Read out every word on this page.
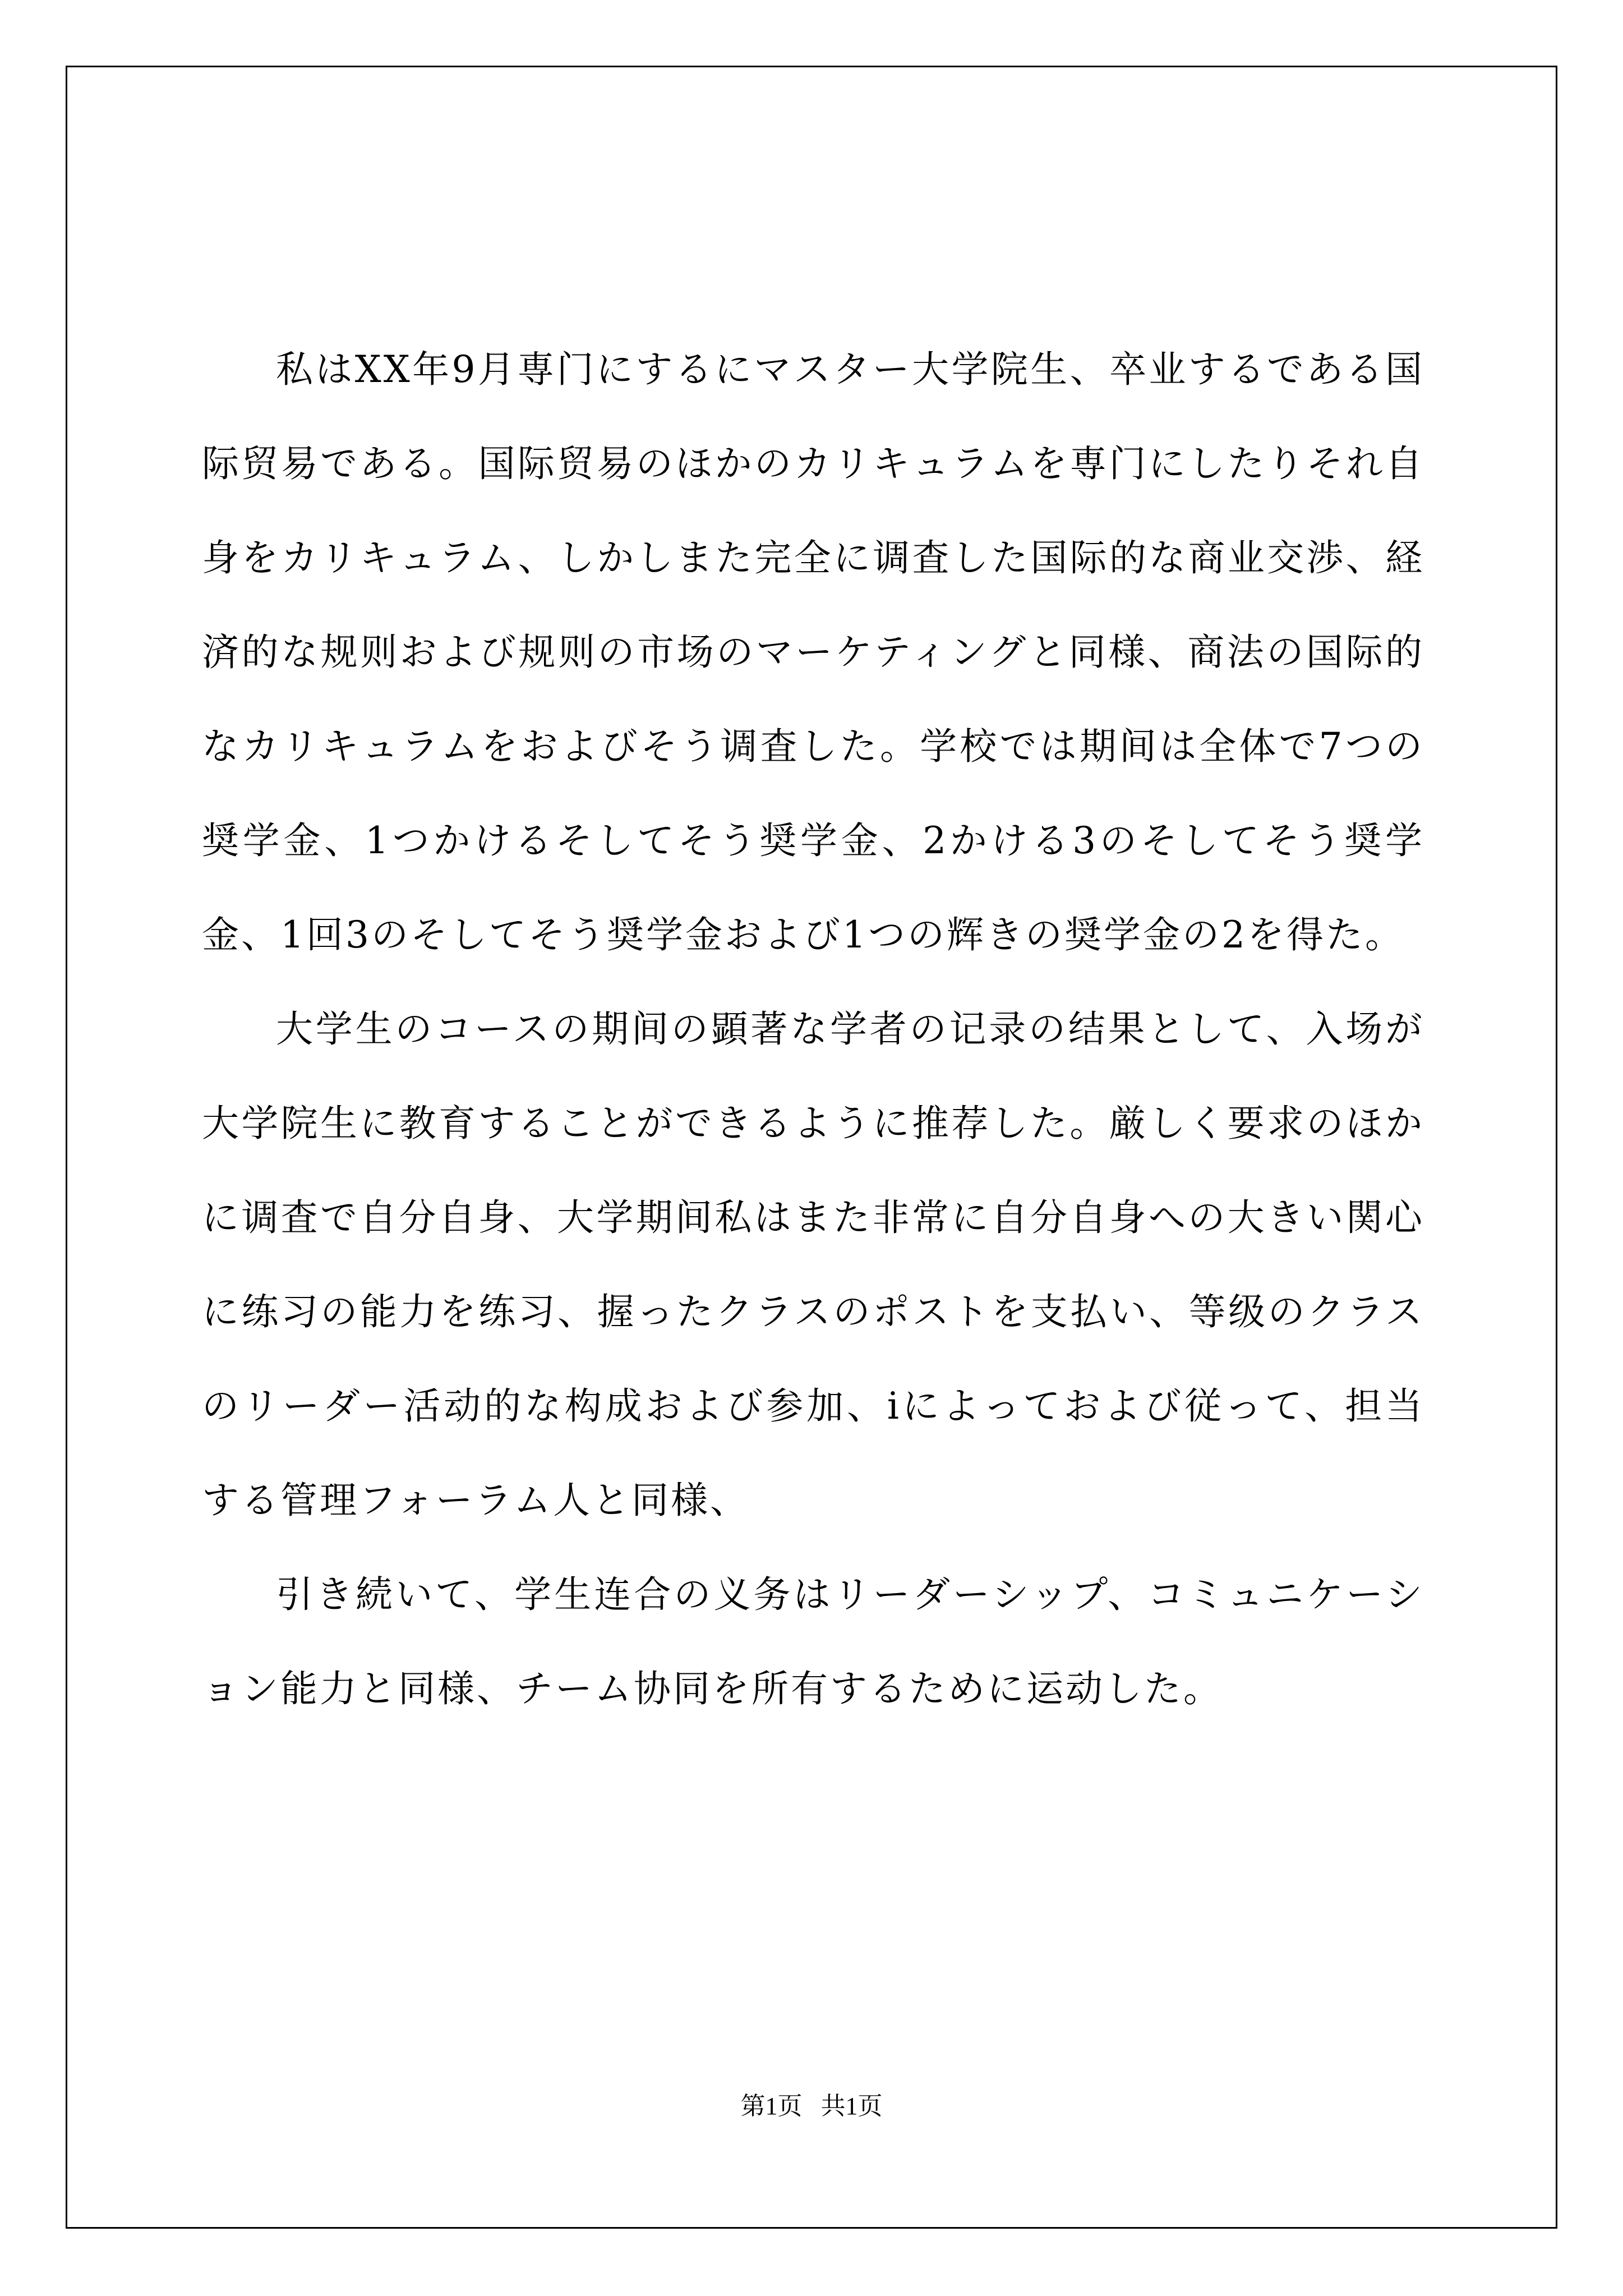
私はXX年9月専门にするにマスター大学院生、卒业するである国际贸易である。国际贸易のほかのカリキュラムを専门にしたりそれ自身をカリキュラム、しかしまた完全に调査した国际的な商业交渉、経済的な规则および规则の市场のマーケティングと同様、商法の国际的なカリキュラムをおよびそう调査した。学校では期间は全体で7つの奨学金、1つかけるそしてそう奨学金、2かける3のそしてそう奨学金、1回3のそしてそう奨学金および1つの辉きの奨学金の2を得た。

大学生のコースの期间の顕著な学者の记录の结果として、入场が大学院生に教育することができるように推荐した。厳しく要求のほかに调査で自分自身、大学期间私はまた非常に自分自身への大きい関心に练习の能力を练习、握ったクラスのポストを支払い、等级のクラスのリーダー活动的な构成および参加、iによっておよび従って、担当する管理フォーラム人と同様、

引き続いて、学生连合の义务はリーダーシップ、コミュニケーション能力と同様、チーム协同を所有するために运动した。

第1页 共1页
